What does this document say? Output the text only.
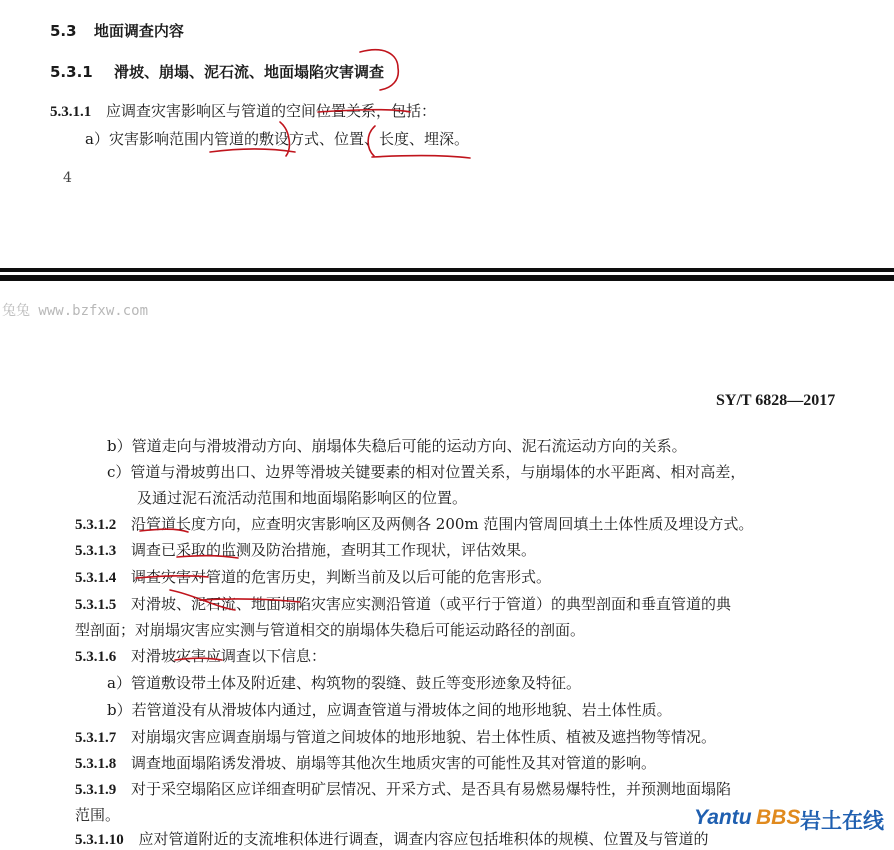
5.3 地面调查内容
5.3.1 滑坡、崩塌、泥石流、地面塌陷灾害调查
5.3.1.1 应调查灾害影响区与管道的空间位置关系，包括：
a）灾害影响范围内管道的敷设方式、位置、长度、埋深。
4
兔兔 www.bzfxw.com
SY/T 6828—2017
b）管道走向与滑坡滑动方向、崩塌体失稳后可能的运动方向、泥石流运动方向的关系。
c）管道与滑坡剪出口、边界等滑坡关键要素的相对位置关系，与崩塌体的水平距离、相对高差，
及通过泥石流活动范围和地面塌陷影响区的位置。
5.3.1.2 沿管道长度方向，应查明灾害影响区及两侧各 200m 范围内管周回填土土体性质及埋设方式。
5.3.1.3 调查已采取的监测及防治措施，查明其工作现状，评估效果。
5.3.1.4 调查灾害对管道的危害历史，判断当前及以后可能的危害形式。
5.3.1.5 对滑坡、泥石流、地面塌陷灾害应实测沿管道（或平行于管道）的典型剖面和垂直管道的典
型剖面；对崩塌灾害应实测与管道相交的崩塌体失稳后可能运动路径的剖面。
5.3.1.6 对滑坡灾害应调查以下信息：
a）管道敷设带土体及附近建、构筑物的裂缝、鼓丘等变形迹象及特征。
b）若管道没有从滑坡体内通过，应调查管道与滑坡体之间的地形地貌、岩土体性质。
5.3.1.7 对崩塌灾害应调查崩塌与管道之间坡体的地形地貌、岩土体性质、植被及遮挡物等情况。
5.3.1.8 调查地面塌陷诱发滑坡、崩塌等其他次生地质灾害的可能性及其对管道的影响。
5.3.1.9 对于采空塌陷区应详细查明矿层情况、开采方式、是否具有易燃易爆特性，并预测地面塌陷
范围。
5.3.1.10 应对管道附近的支流堆积体进行调查，调查内容应包括堆积体的规模、位置及与管道的
Yantu BBS 岩土在线
